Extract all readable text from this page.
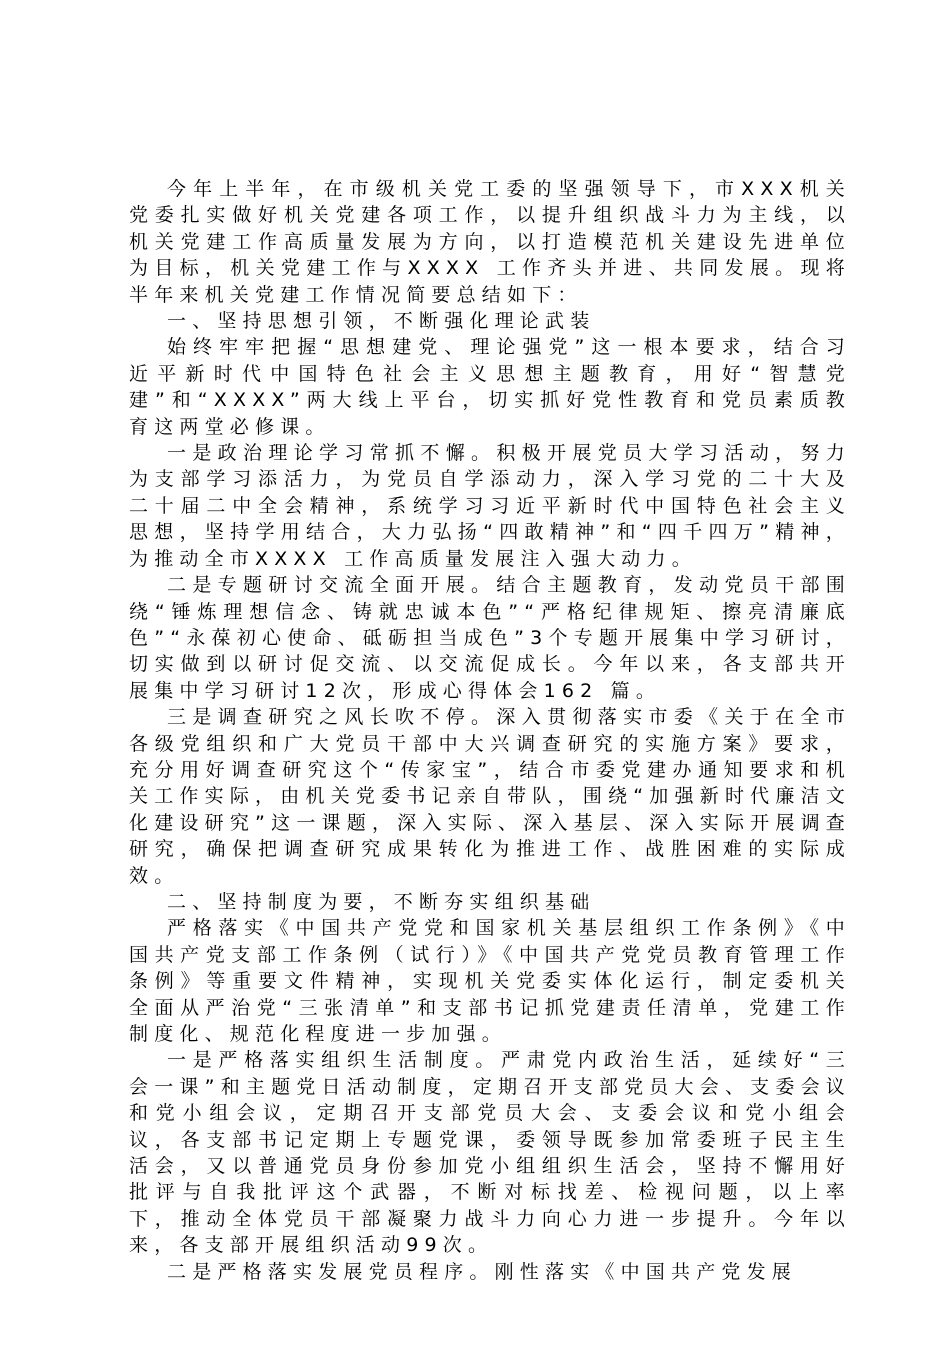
今年上半年，在市级机关党工委的坚强领导下，市XXX机关党委扎实做好机关党建各项工作，以提升组织战斗力为主线，以机关党建工作高质量发展为方向，以打造模范机关建设先进单位为目标，机关党建工作与XXXX 工作齐头并进、共同发展。现将半年来机关党建工作情况简要总结如下：

一、坚持思想引领，不断强化理论武装

始终牢牢把握“思想建党、理论强党”这一根本要求，结合习近平新时代中国特色社会主义思想主题教育，用好“智慧党建”和“XXXX”两大线上平台，切实抓好党性教育和党员素质教育这两堂必修课。

一是政治理论学习常抓不懈。积极开展党员大学习活动，努力为支部学习添活力，为党员自学添动力，深入学习党的二十大及二十届二中全会精神，系统学习习近平新时代中国特色社会主义思想，坚持学用结合，大力弘扬“四敢精神”和“四千四万”精神，为推动全市XXXX 工作高质量发展注入强大动力。

二是专题研讨交流全面开展。结合主题教育，发动党员干部围绕“锤炼理想信念、铸就忠诚本色”“严格纪律规矩、擦亮清廉底色”“永葆初心使命、砥砺担当成色”3个专题开展集中学习研讨，切实做到以研讨促交流、以交流促成长。今年以来，各支部共开展集中学习研讨12次，形成心得体会162 篇。

三是调查研究之风长吹不停。深入贯彻落实市委《关于在全市各级党组织和广大党员干部中大兴调查研究的实施方案》要求，充分用好调查研究这个“传家宝”，结合市委党建办通知要求和机关工作实际，由机关党委书记亲自带队，围绕“加强新时代廉洁文化建设研究”这一课题，深入实际、深入基层、深入实际开展调查研究，确保把调查研究成果转化为推进工作、战胜困难的实际成效。

二、坚持制度为要，不断夯实组织基础

严格落实《中国共产党党和国家机关基层组织工作条例》《中国共产党支部工作条例（试行）》《中国共产党党员教育管理工作条例》等重要文件精神，实现机关党委实体化运行，制定委机关全面从严治党“三张清单”和支部书记抓党建责任清单，党建工作制度化、规范化程度进一步加强。

一是严格落实组织生活制度。严肃党内政治生活，延续好“三会一课”和主题党日活动制度，定期召开支部党员大会、支委会议和党小组会议，定期召开支部党员大会、支委会议和党小组会议，各支部书记定期上专题党课，委领导既参加常委班子民主生活会，又以普通党员身份参加党小组组织生活会，坚持不懈用好批评与自我批评这个武器，不断对标找差、检视问题，以上率下，推动全体党员干部凝聚力战斗力向心力进一步提升。今年以来，各支部开展组织活动99次。

二是严格落实发展党员程序。刚性落实《中国共产党发展
